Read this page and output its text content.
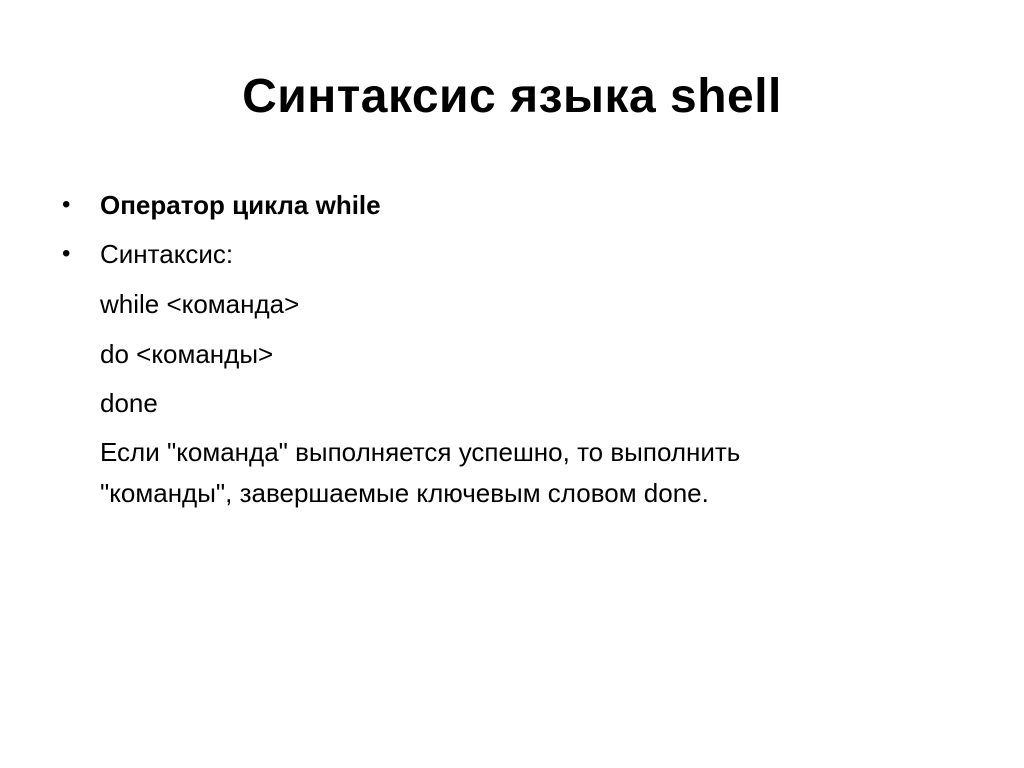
Синтаксис языка shell
•	Оператор цикла while
•	Синтаксис:
while <команда>
do <команды>
done
Если "команда" выполняется успешно, то выполнить
"команды", завершаемые ключевым словом done.
